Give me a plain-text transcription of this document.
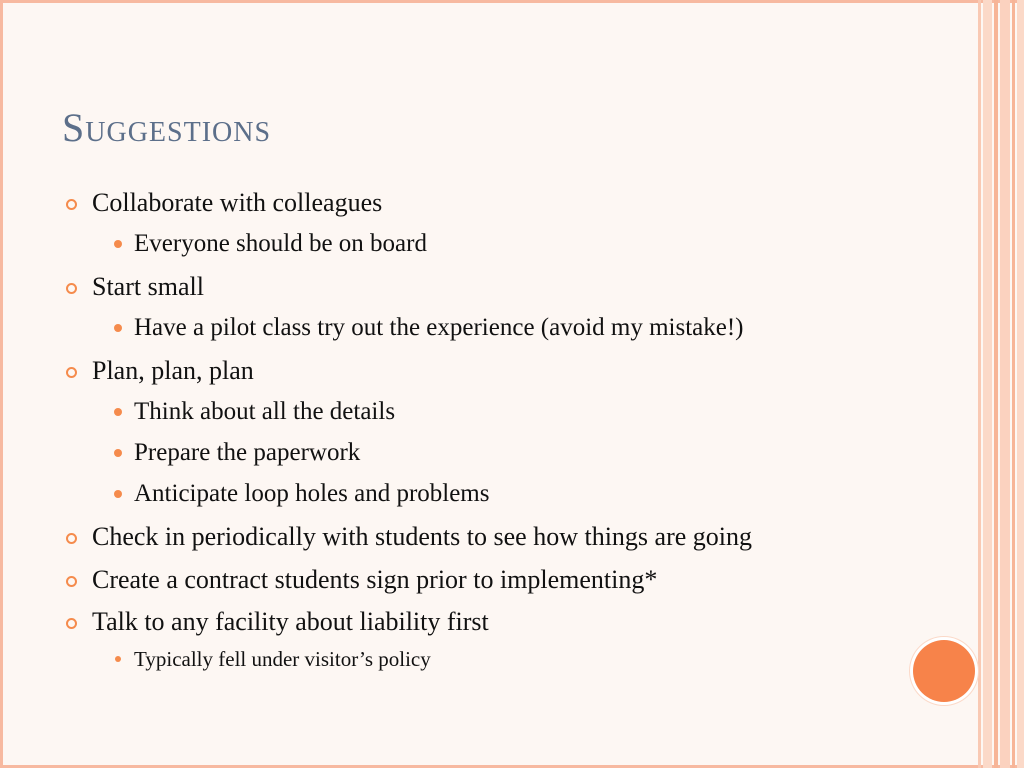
Suggestions
Collaborate with colleagues
Everyone should be on board
Start small
Have a pilot class try out the experience (avoid my mistake!)
Plan, plan, plan
Think about all the details
Prepare the paperwork
Anticipate loop holes and problems
Check in periodically with students to see how things are going
Create a contract students sign prior to implementing*
Talk to any facility about liability first
Typically fell under visitor’s policy
